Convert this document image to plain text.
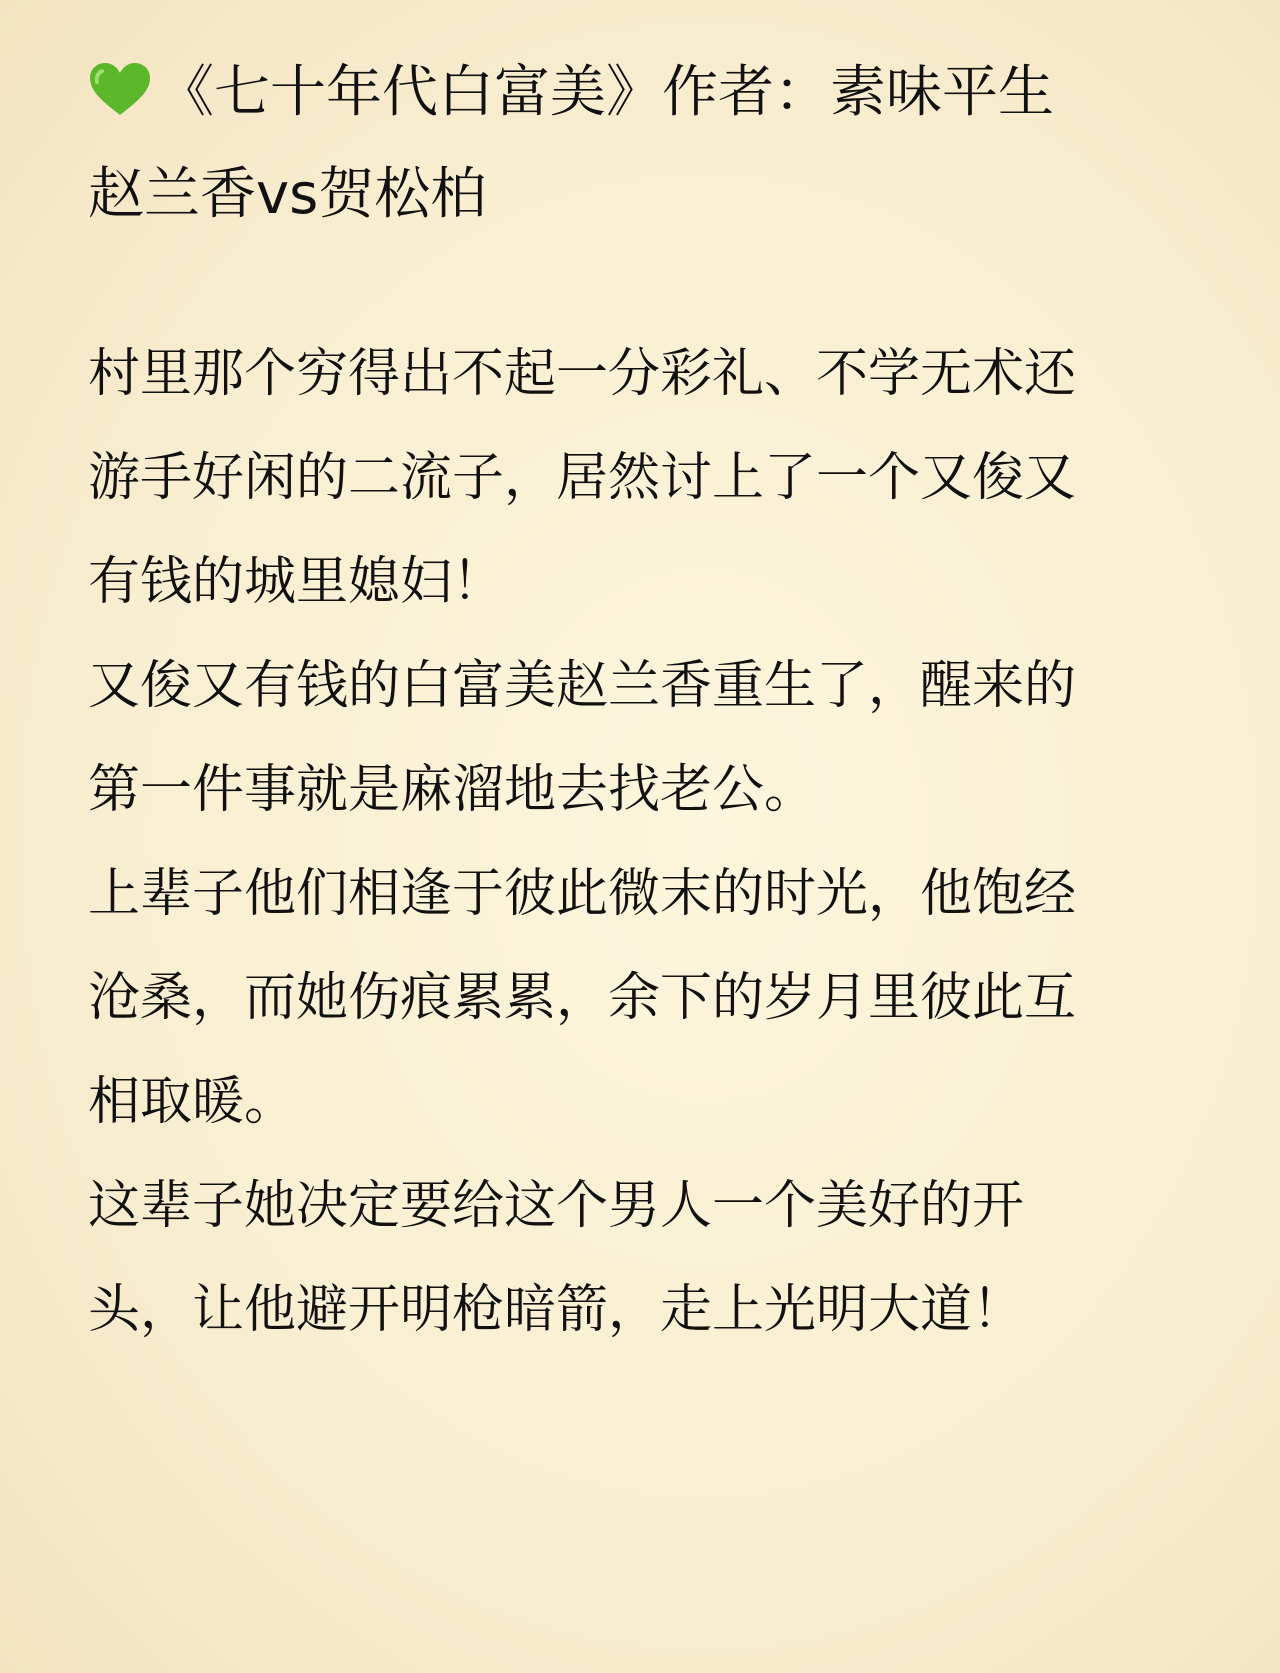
《七十年代白富美》作者：素味平生
赵兰香vs贺松柏
村里那个穷得出不起一分彩礼、不学无术还
游手好闲的二流子，居然讨上了一个又俊又
有钱的城里媳妇！
又俊又有钱的白富美赵兰香重生了，醒来的
第一件事就是麻溜地去找老公。
上辈子他们相逢于彼此微末的时光，他饱经
沧桑，而她伤痕累累，余下的岁月里彼此互
相取暖。
这辈子她决定要给这个男人一个美好的开
头，让他避开明枪暗箭，走上光明大道！
